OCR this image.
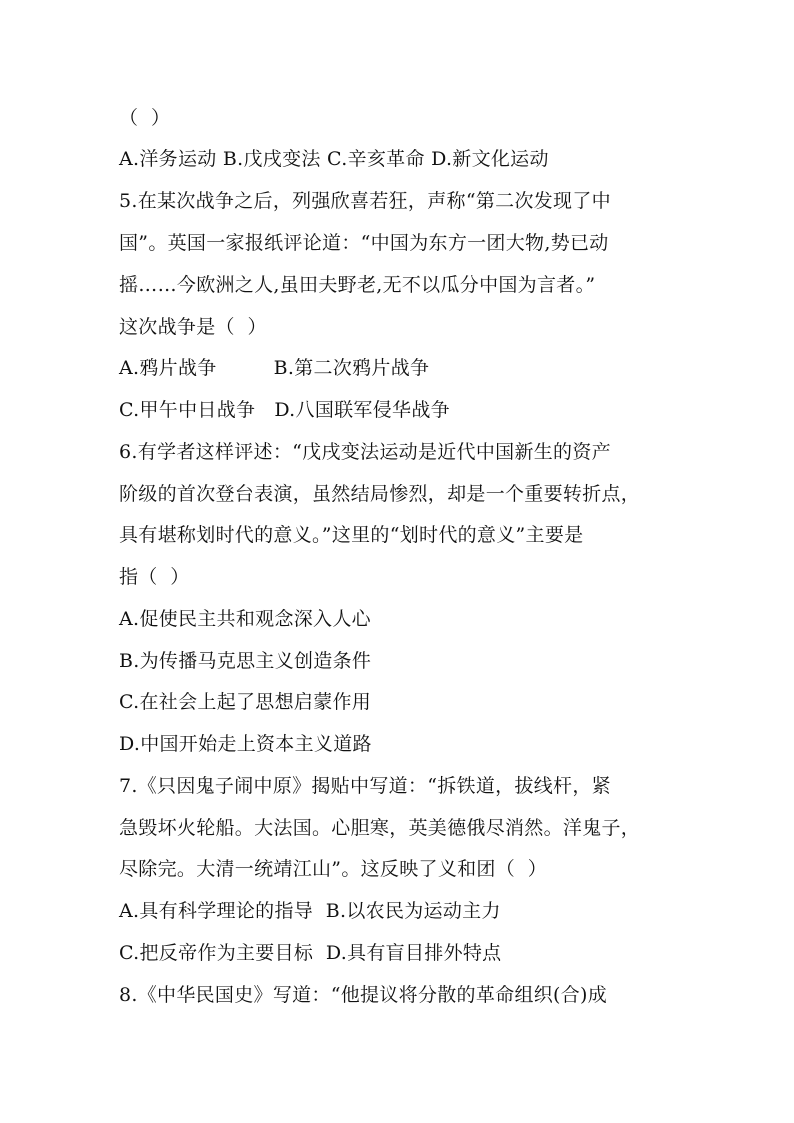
（  ）
A.洋务运动 B.戊戌变法 C.辛亥革命 D.新文化运动
5.在某次战争之后，列强欣喜若狂，声称“第二次发现了中
国”。英国一家报纸评论道：“中国为东方一团大物,势已动
摇……今欧洲之人,虽田夫野老,无不以瓜分中国为言者。”
这次战争是（  ）
A.鸦片战争         B.第二次鸦片战争
C.甲午中日战争   D.八国联军侵华战争
6.有学者这样评述：“戊戌变法运动是近代中国新生的资产
阶级的首次登台表演，虽然结局惨烈，却是一个重要转折点，
具有堪称划时代的意义。”这里的“划时代的意义”主要是
指（  ）
A.促使民主共和观念深入人心
B.为传播马克思主义创造条件
C.在社会上起了思想启蒙作用
D.中国开始走上资本主义道路
7.《只因鬼子闹中原》揭贴中写道：“拆铁道，拔线杆，紧
急毁坏火轮船。大法国。心胆寒，英美德俄尽消然。洋鬼子，
尽除完。大清一统靖江山”。这反映了义和团（  ）
A.具有科学理论的指导  B.以农民为运动主力
C.把反帝作为主要目标  D.具有盲目排外特点
8.《中华民国史》写道：“他提议将分散的革命组织(合)成
